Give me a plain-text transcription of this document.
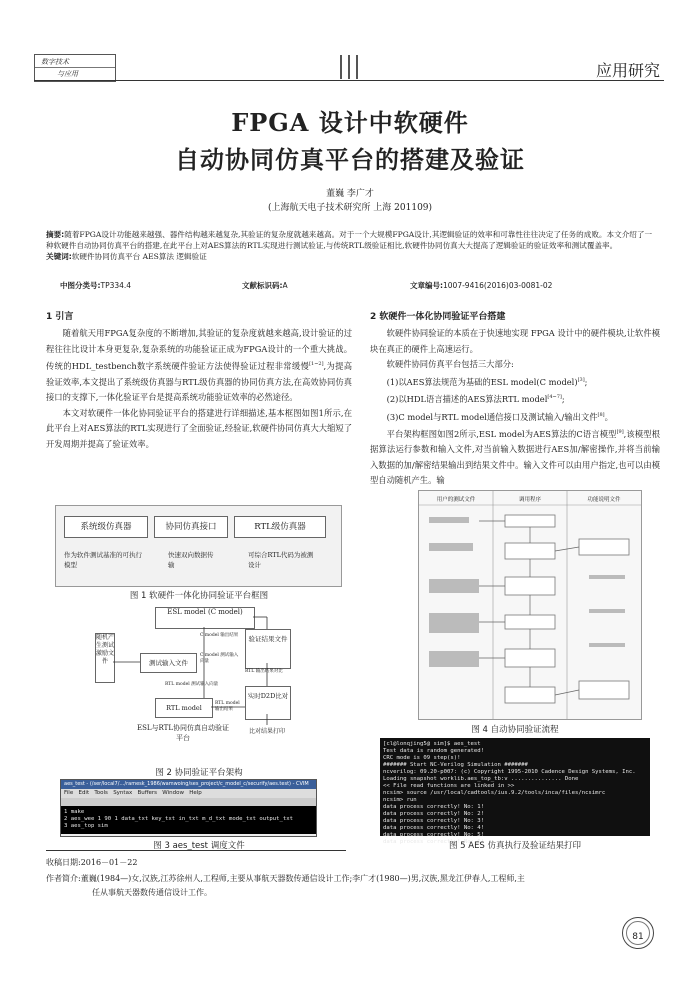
数字技术
与应用	应用研究
FPGA 设计中软硬件
自动协同仿真平台的搭建及验证
董巍 李广才
(上海航天电子技术研究所 上海 201109)
摘要:随着FPGA设计功能越来越强、器件结构越来越复杂,其验证的复杂度就越来越高。对于一个大规模FPGA设计,其逻辑验证的效率和可靠性往往决定了任务的成败。本文介绍了一种软硬件自动协同仿真平台的搭建,在此平台上对AES算法的RTL实现进行测试验证,与传统RTL级验证相比,软硬件协同仿真大大提高了逻辑验证的验证效率和测试覆盖率。
关键词:软硬件协同仿真平台 AES算法 逻辑验证
中图分类号:TP334.4	文献标识码:A	文章编号:1007-9416(2016)03-0081-02
1 引言

随着航天用FPGA复杂度的不断增加,其验证的复杂度就越来越高,设计验证的过程往往比设计本身更复杂,复杂系统的功能验证正成为FPGA设计的一个重大挑战。传统的HDL_testbench数字系统硬件验证方法使得验证过程非常缓慢[1~2],为提高验证效率,本文提出了系统级仿真器与RTL级仿真器的协同仿真方法,在高效协同仿真接口的支撑下,一体化验证平台是提高系统功能验证效率的必然途径。

本文对软硬件一体化协同验证平台的搭建进行详细描述,基本框图如图1所示,在此平台上对AES算法的RTL实现进行了全面验证,经验证,软硬件协同仿真大大缩短了开发周期并提高了验证效率。

系统级仿真器	协同仿真接口	RTL级仿真器
作为软件测试基准的可执行模型
快速双向数据传输
可综合RTL代码为被测设计
图 1 软硬件一体化协同验证平台框图
ESL model (C model)
随机产生测试激励文件	测试输入文件
验证结果文件
RTL model
实时D2D比对
C model 输出结果
C model 测试输入向量
RTL model 输出结果
RTL model 测试输入向量
RTL 输出结果对比
ESL与RTL协同仿真自动验证平台
比对结果打印
图 2 协同验证平台架构
aes_test - (/ser/local7/…/ramesk_1986/wamwoing/ses_project/c_model_c/securify/aes.test) - CVIM
File Edit Tools Syntax Buffers Window Help
1 make
2 aes_wee 1 90 1 data_txt key_txt in_txt m_d_txt mode_txt output_txt
3 aes_top sim
图 3 aes_test 调度文件
2 软硬件一体化协同验证平台搭建

软硬件协同验证的本质在于快速地实现 FPGA 设计中的硬件模块,让软件模块在真正的硬件上高速运行。

软硬件协同仿真平台包括三大部分:

(1)以AES算法规范为基础的ESL model(C model)[3];

(2)以HDL语言描述的AES算法RTL model[4~7];

(3)C model与RTL model通信接口及测试输入/输出文件[8]。

平台架构框图如图2所示,ESL model为AES算法的C语言模型[9],该模型根据算法运行参数和输入文件,对当前输入数据进行AES加/解密操作,并将当前输入数据的加/解密结果输出到结果文件中。输入文件可以由用户指定,也可以由模型自动随机产生。输

用户的测试文件	调用程序	功能说明文件
图 4 自动协同验证流程
[cl@lonqjing5@ sim]$ aes_test
Test data is random generated!
CRC mode is 09 step(s)!
####### Start NC-Verilog Simulation #######
ncverilog: 09.20-p007: (c) Copyright 1995-2010 Cadence Design Systems, Inc.
Loading snapshot worklib.aes_top_tb:v ............... Done
<< File read functions are linked in >>
ncsim> source /usr/local/cadtools/ius.9.2/tools/inca/files/ncsimrc
ncsim> run
data process correctly! No: 1!
data process correctly! No: 2!
data process correctly! No: 3!
data process correctly! No: 4!
data process correctly! No: 5!
data process correctly! No: 6!
图 5 AES 仿真执行及验证结果打印
收稿日期:2016－01－22
作者简介:董巍(1984—)女,汉族,江苏徐州人,工程师,主要从事航天器数传通信设计工作;李广才(1980—)男,汉族,黑龙江伊春人,工程师,主
任从事航天器数传通信设计工作。
81
